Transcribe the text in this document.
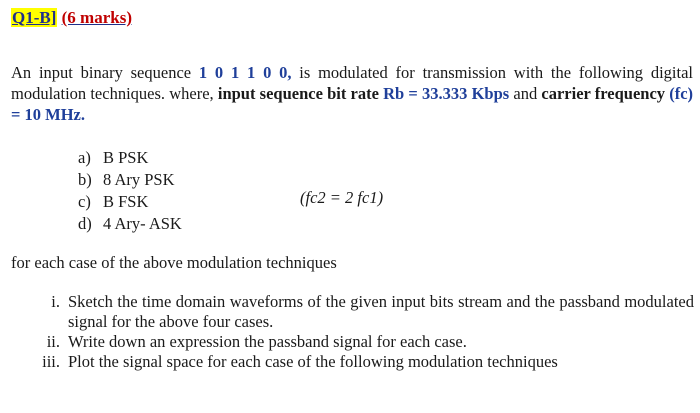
Q1-B] (6 marks)
An input binary sequence 1 0 1 1 0 0, is modulated for transmission with the following digital modulation techniques. where, input sequence bit rate Rb = 33.333 Kbps and carrier frequency (fc) = 10 MHz.
a) B PSK
b) 8 Ary PSK
c) B FSK
d) 4 Ary- ASK
(fc2 = 2 fc1)
for each case of the above modulation techniques
i. Sketch the time domain waveforms of the given input bits stream and the passband modulated signal for the above four cases.
ii. Write down an expression the passband signal for each case.
iii. Plot the signal space for each case of the following modulation techniques
